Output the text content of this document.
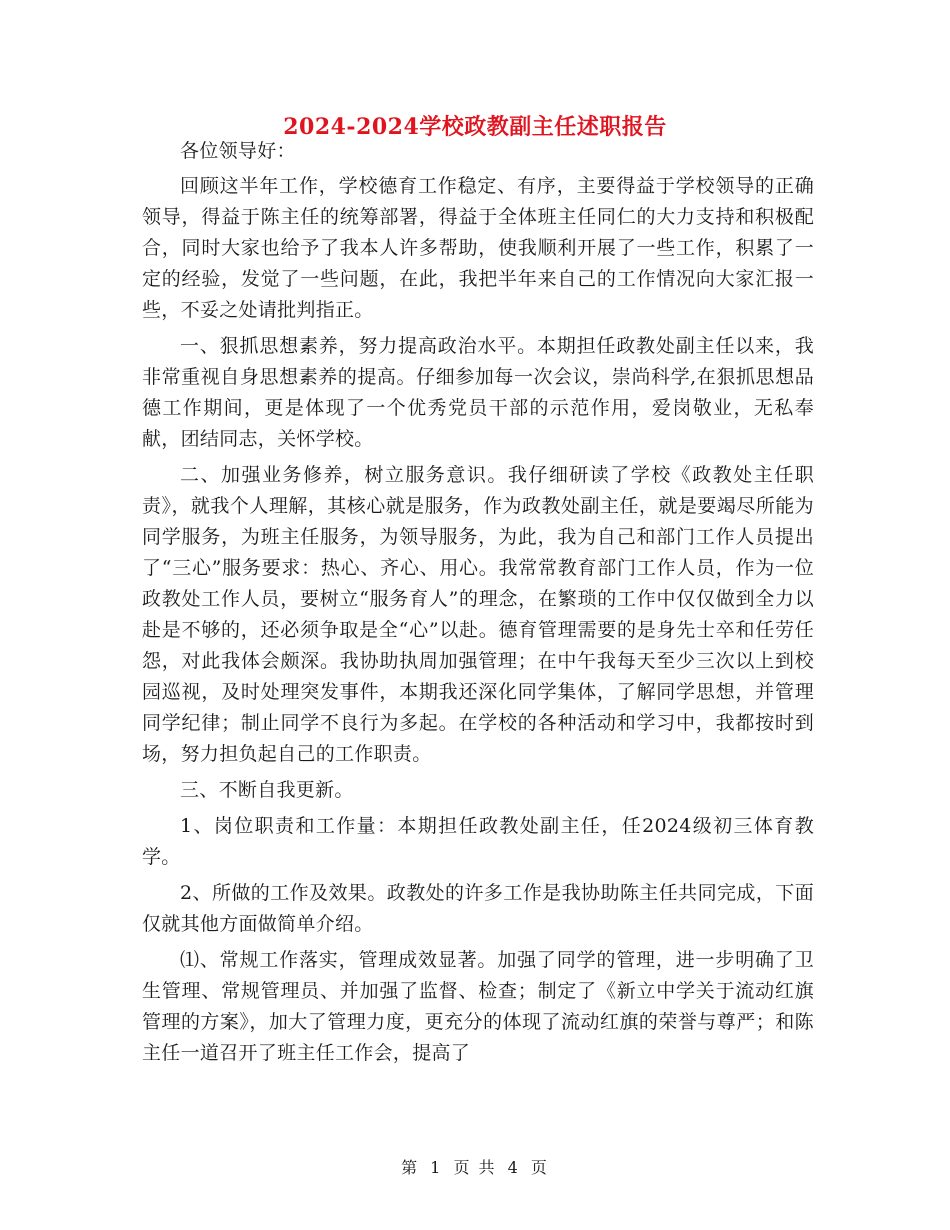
2024-2024学校政教副主任述职报告

各位领导好：

回顾这半年工作，学校德育工作稳定、有序，主要得益于学校领导的正确领导，得益于陈主任的统筹部署，得益于全体班主任同仁的大力支持和积极配合，同时大家也给予了我本人许多帮助，使我顺利开展了一些工作，积累了一定的经验，发觉了一些问题，在此，我把半年来自己的工作情况向大家汇报一些，不妥之处请批判指正。

一、狠抓思想素养，努力提高政治水平。本期担任政教处副主任以来，我非常重视自身思想素养的提高。仔细参加每一次会议，崇尚科学,在狠抓思想品德工作期间，更是体现了一个优秀党员干部的示范作用，爱岗敬业，无私奉献，团结同志，关怀学校。

二、加强业务修养，树立服务意识。我仔细研读了学校《政教处主任职责》，就我个人理解，其核心就是服务，作为政教处副主任，就是要竭尽所能为同学服务，为班主任服务，为领导服务，为此，我为自己和部门工作人员提出了“三心”服务要求：热心、齐心、用心。我常常教育部门工作人员，作为一位政教处工作人员，要树立“服务育人”的理念，在繁琐的工作中仅仅做到全力以赴是不够的，还必须争取是全“心”以赴。德育管理需要的是身先士卒和任劳任怨，对此我体会颇深。我协助执周加强管理；在中午我每天至少三次以上到校园巡视，及时处理突发事件，本期我还深化同学集体，了解同学思想，并管理同学纪律；制止同学不良行为多起。在学校的各种活动和学习中，我都按时到场，努力担负起自己的工作职责。

三、不断自我更新。

1、岗位职责和工作量：本期担任政教处副主任，任2024级初三体育教学。

2、所做的工作及效果。政教处的许多工作是我协助陈主任共同完成，下面仅就其他方面做简单介绍。

⑴、常规工作落实，管理成效显著。加强了同学的管理，进一步明确了卫生管理、常规管理员、并加强了监督、检查；制定了《新立中学关于流动红旗管理的方案》，加大了管理力度，更充分的体现了流动红旗的荣誉与尊严；和陈主任一道召开了班主任工作会，提高了

第 1 页 共 4 页
